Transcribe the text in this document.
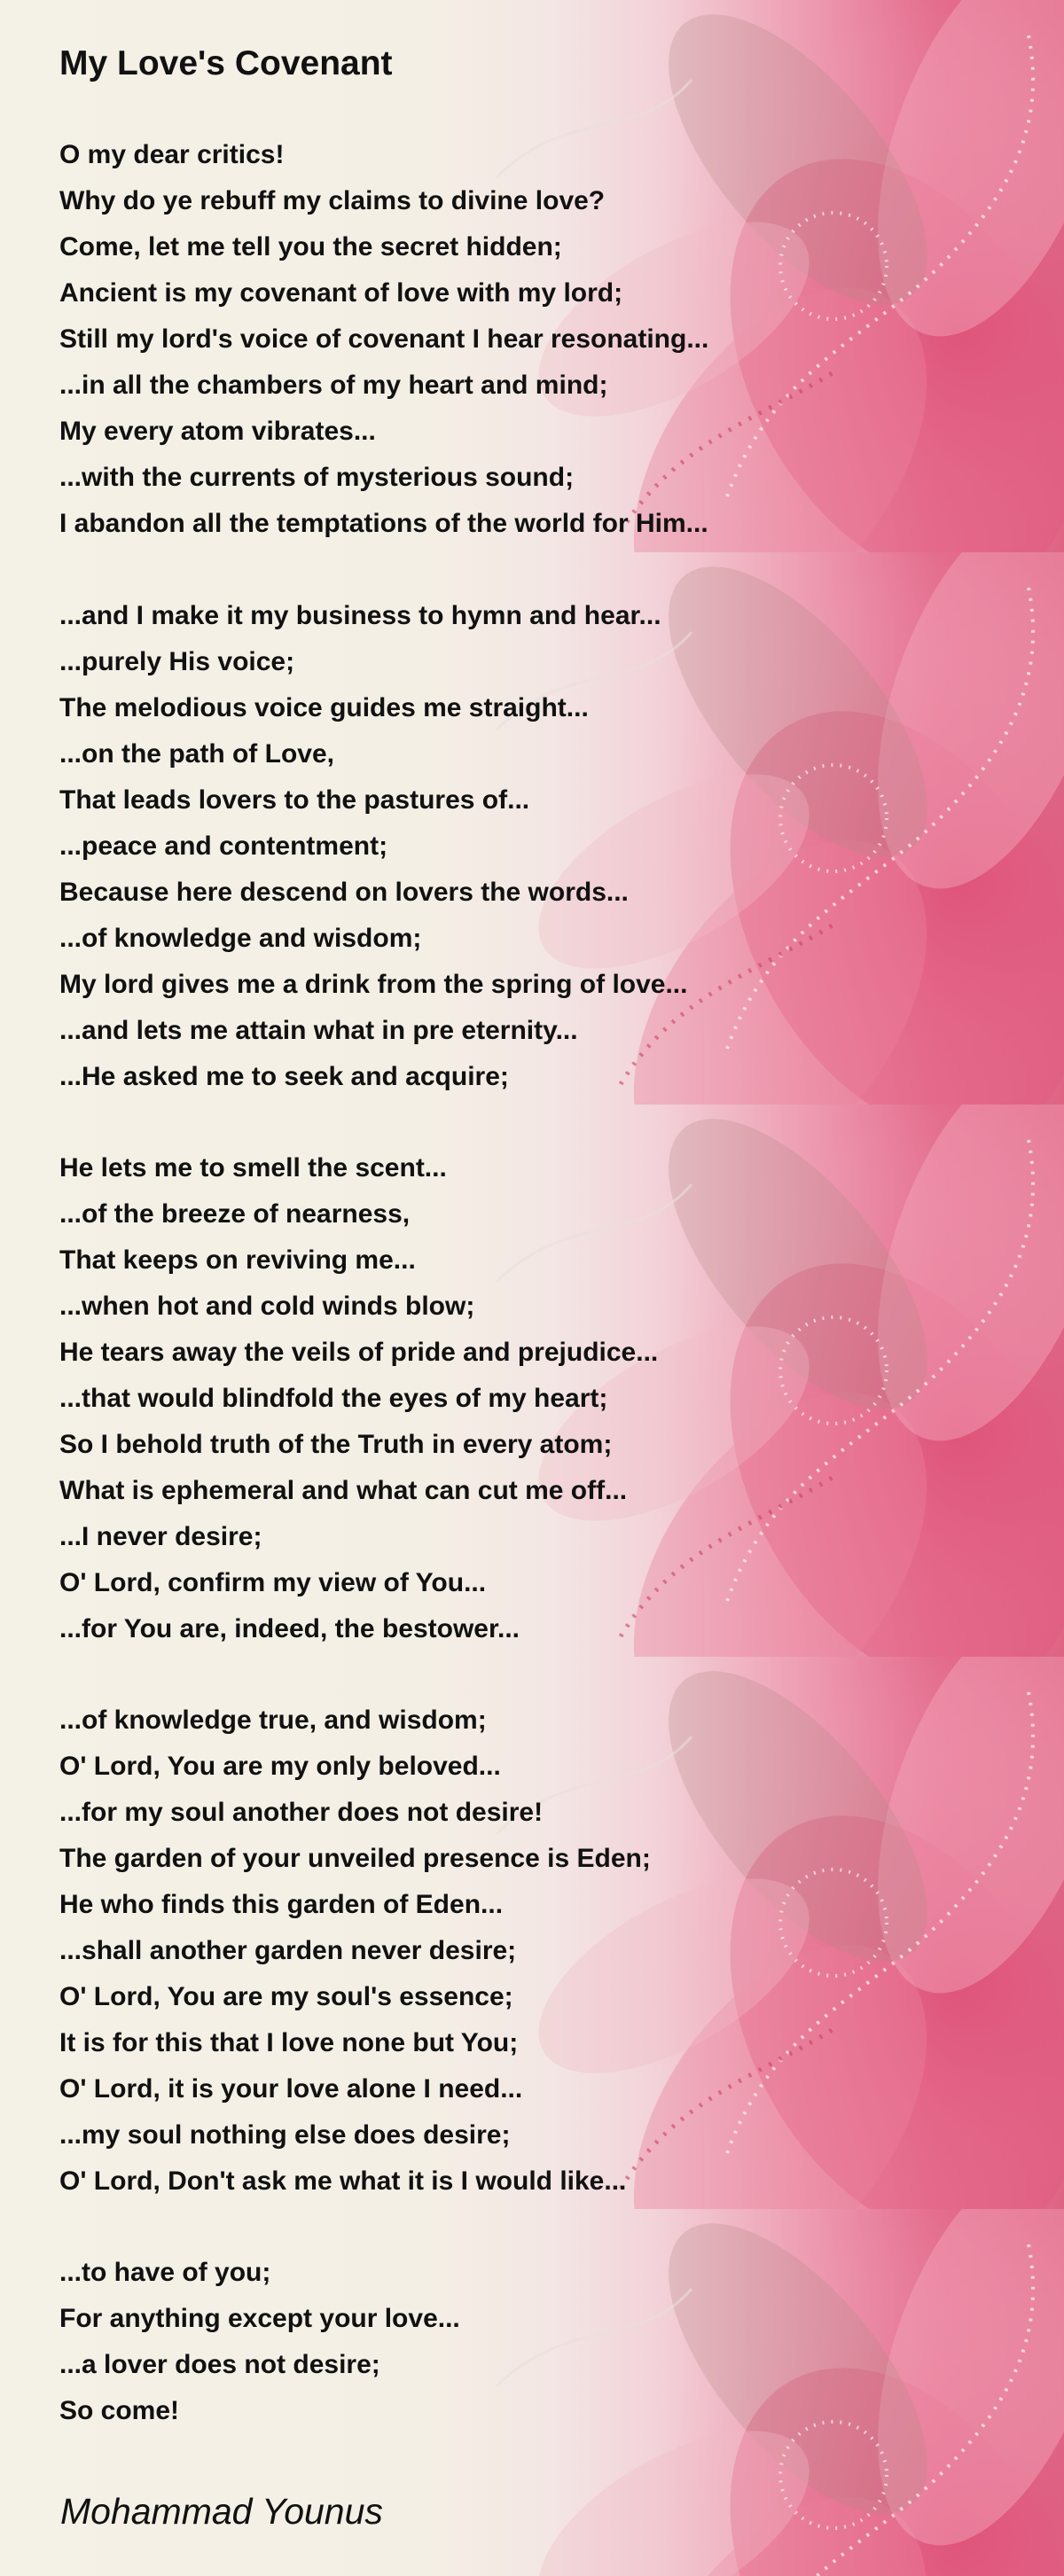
My Love's Covenant
O my dear critics!
Why do ye rebuff my claims to divine love?
Come, let me tell you the secret hidden;
Ancient is my covenant of love with my lord;
Still my lord's voice of covenant I hear resonating...
...in all the chambers of my heart and mind;
My every atom vibrates...
...with the currents of mysterious sound;
I abandon all the temptations of the world for Him...
...and I make it my business to hymn and hear...
...purely His voice;
The melodious voice guides me straight...
...on the path of Love,
That leads lovers to the pastures of...
...peace and contentment;
Because here descend on lovers the words...
...of knowledge and wisdom;
My lord gives me a drink from the spring of love...
...and lets me attain what in pre eternity...
...He asked me to seek and acquire;
He lets me to smell the scent...
...of the breeze of nearness,
That keeps on reviving me...
...when hot and cold winds blow;
He tears away the veils of pride and prejudice...
...that would blindfold the eyes of my heart;
So I behold truth of the Truth in every atom;
What is ephemeral and what can cut me off...
...I never desire;
O' Lord, confirm my view of You...
...for You are, indeed, the bestower...
...of knowledge true, and wisdom;
O' Lord, You are my only beloved...
...for my soul another does not desire!
The garden of your unveiled presence is Eden;
He who finds this garden of Eden...
...shall another garden never desire;
O' Lord, You are my soul's essence;
It is for this that I love none but You;
O' Lord, it is your love alone I need...
...my soul nothing else does desire;
O' Lord, Don't ask me what it is I would like...
...to have of you;
For anything except your love...
...a lover does not desire;
So come!
Mohammad Younus
